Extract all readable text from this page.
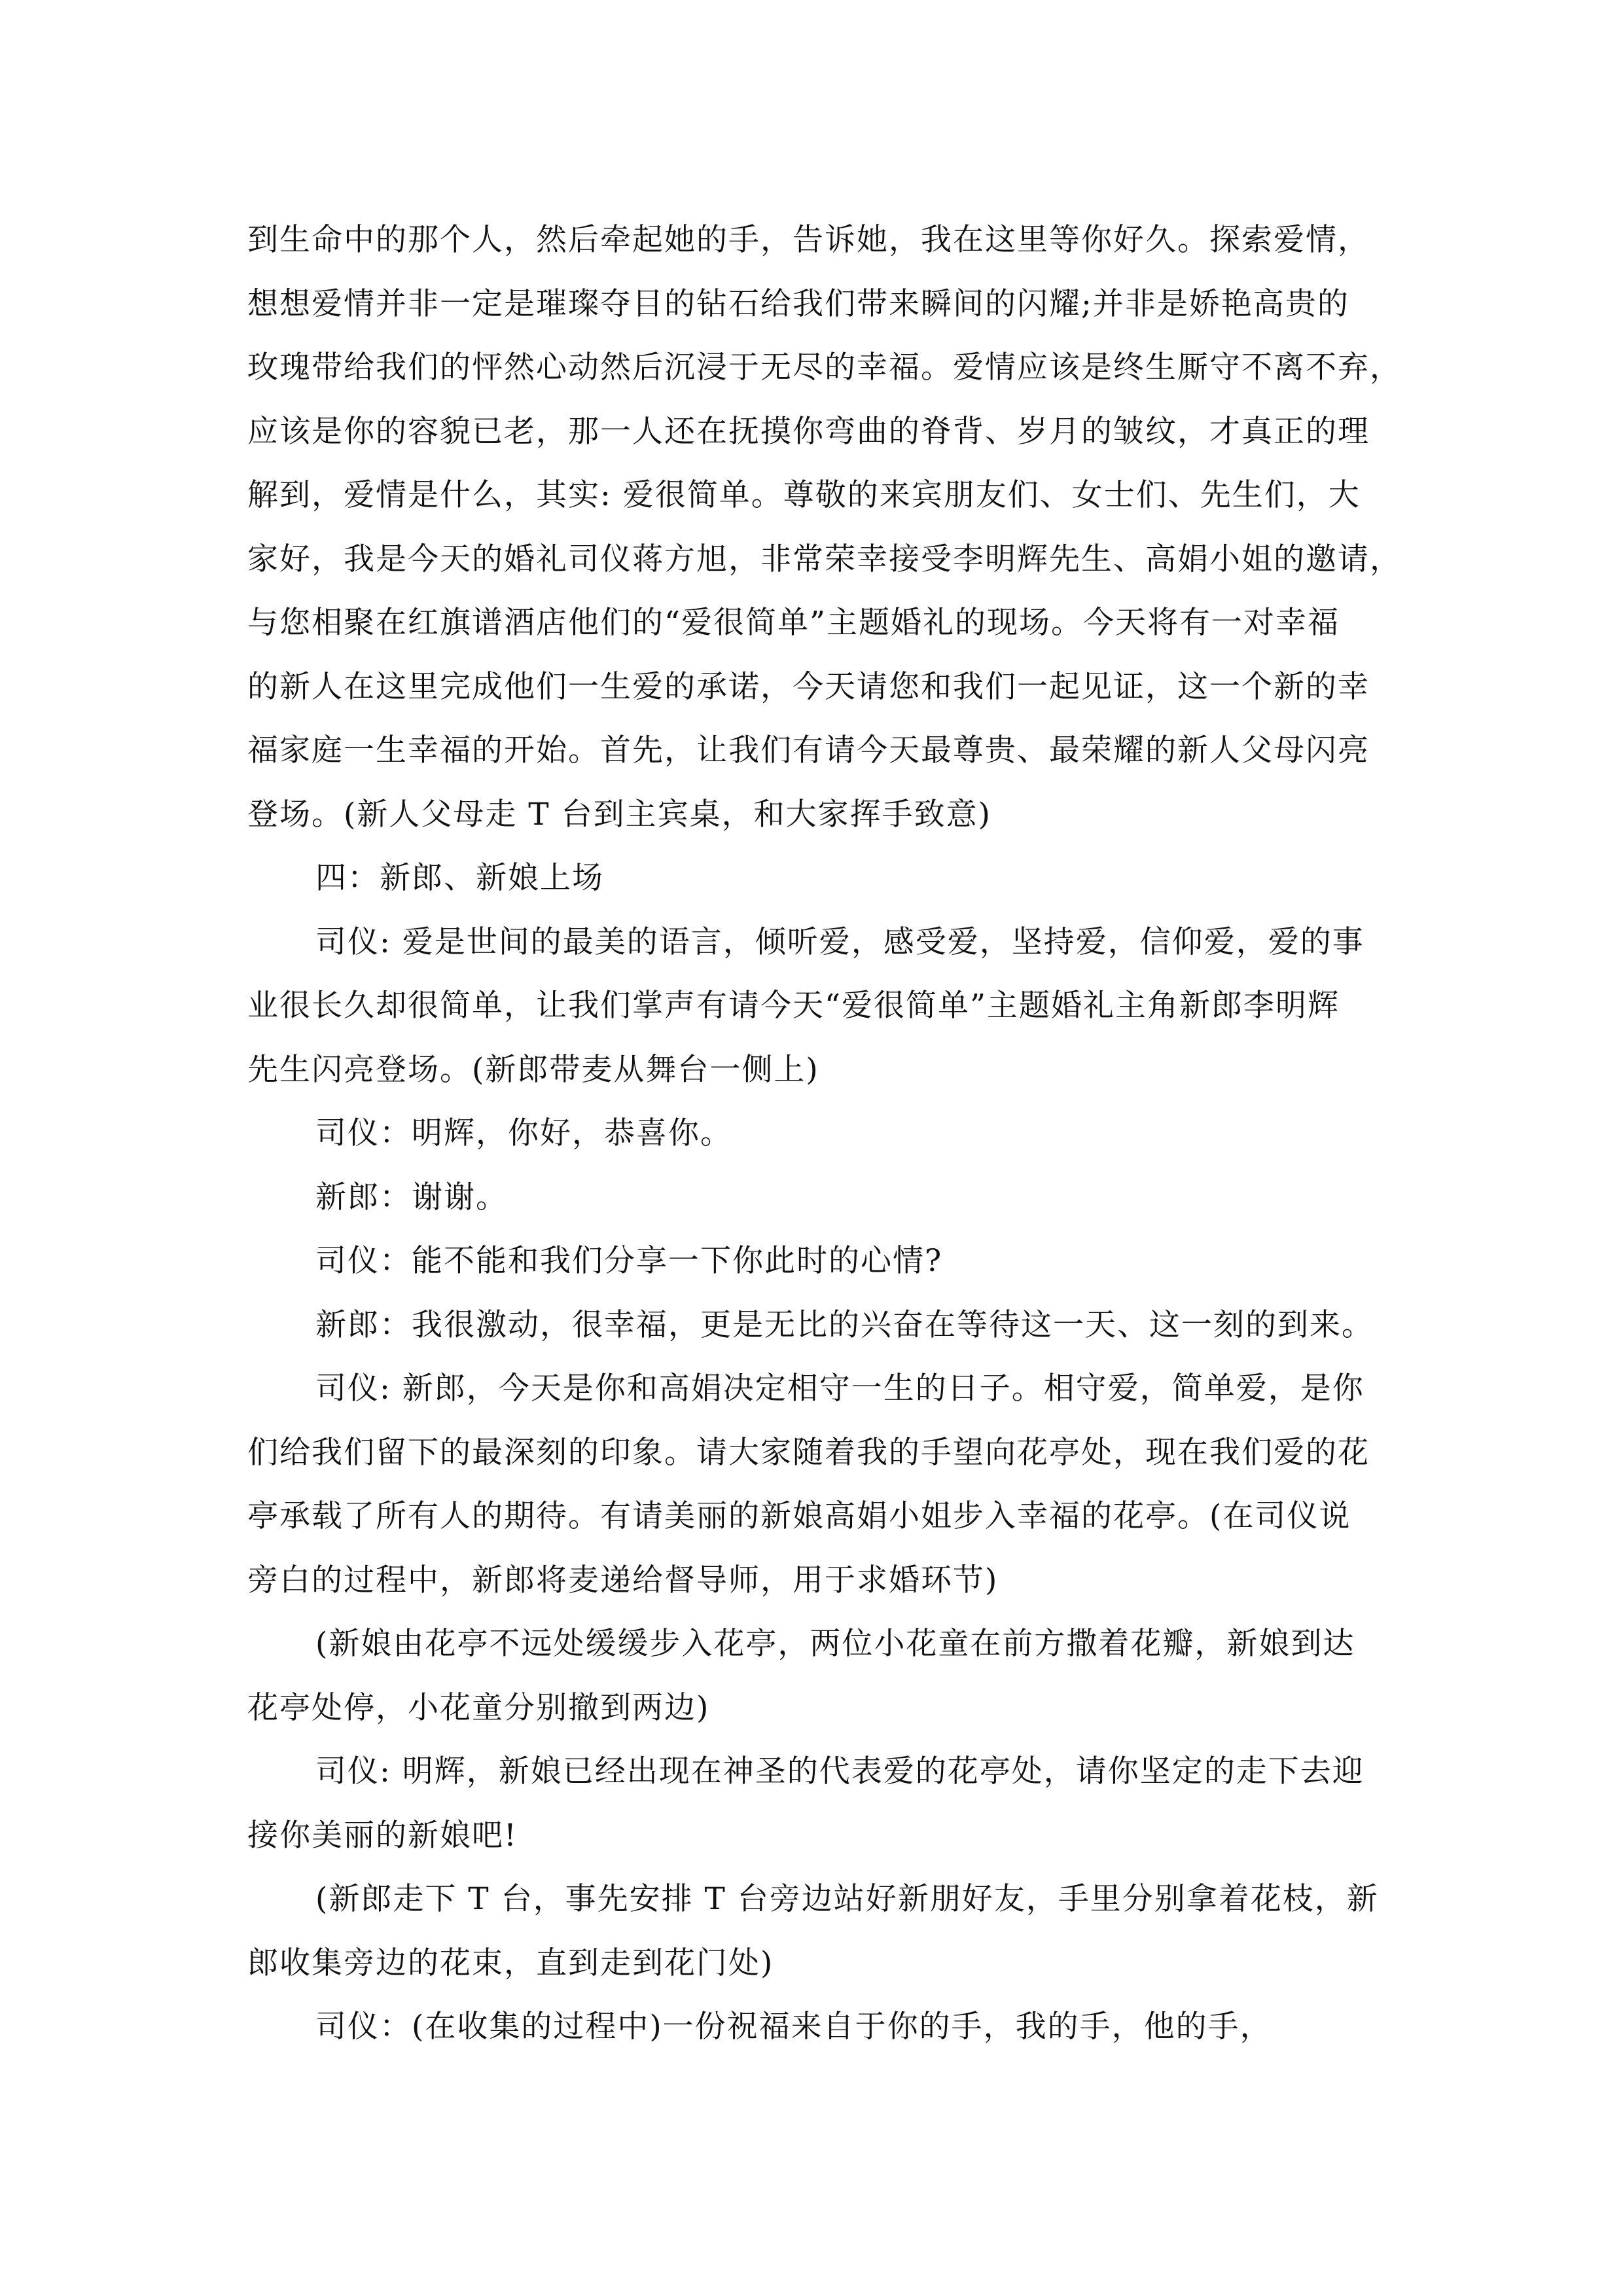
到生命中的那个人，然后牵起她的手，告诉她，我在这里等你好久。探索爱情，
想想爱情并非一定是璀璨夺目的钻石给我们带来瞬间的闪耀;并非是娇艳高贵的
玫瑰带给我们的怦然心动然后沉浸于无尽的幸福。爱情应该是终生厮守不离不弃，
应该是你的容貌已老，那一人还在抚摸你弯曲的脊背、岁月的皱纹，才真正的理
解到，爱情是什么，其实: 爱很简单。尊敬的来宾朋友们、女士们、先生们，大
家好，我是今天的婚礼司仪蒋方旭，非常荣幸接受李明辉先生、高娟小姐的邀请，
与您相聚在红旗谱酒店他们的“爱很简单”主题婚礼的现场。今天将有一对幸福
的新人在这里完成他们一生爱的承诺，今天请您和我们一起见证，这一个新的幸
福家庭一生幸福的开始。首先，让我们有请今天最尊贵、最荣耀的新人父母闪亮
登场。(新人父母走 T 台到主宾桌，和大家挥手致意)
四：新郎、新娘上场
司仪: 爱是世间的最美的语言，倾听爱，感受爱，坚持爱，信仰爱，爱的事
业很长久却很简单，让我们掌声有请今天“爱很简单”主题婚礼主角新郎李明辉
先生闪亮登场。(新郎带麦从舞台一侧上)
司仪：明辉，你好，恭喜你。
新郎：谢谢。
司仪：能不能和我们分享一下你此时的心情?
新郎：我很激动，很幸福，更是无比的兴奋在等待这一天、这一刻的到来。
司仪: 新郎，今天是你和高娟决定相守一生的日子。相守爱，简单爱，是你
们给我们留下的最深刻的印象。请大家随着我的手望向花亭处，现在我们爱的花
亭承载了所有人的期待。有请美丽的新娘高娟小姐步入幸福的花亭。(在司仪说
旁白的过程中，新郎将麦递给督导师，用于求婚环节)
(新娘由花亭不远处缓缓步入花亭，两位小花童在前方撒着花瓣，新娘到达
花亭处停，小花童分别撤到两边)
司仪: 明辉，新娘已经出现在神圣的代表爱的花亭处，请你坚定的走下去迎
接你美丽的新娘吧!
(新郎走下 T 台，事先安排 T 台旁边站好新朋好友，手里分别拿着花枝，新
郎收集旁边的花束，直到走到花门处)
司仪：(在收集的过程中)一份祝福来自于你的手，我的手，他的手，
